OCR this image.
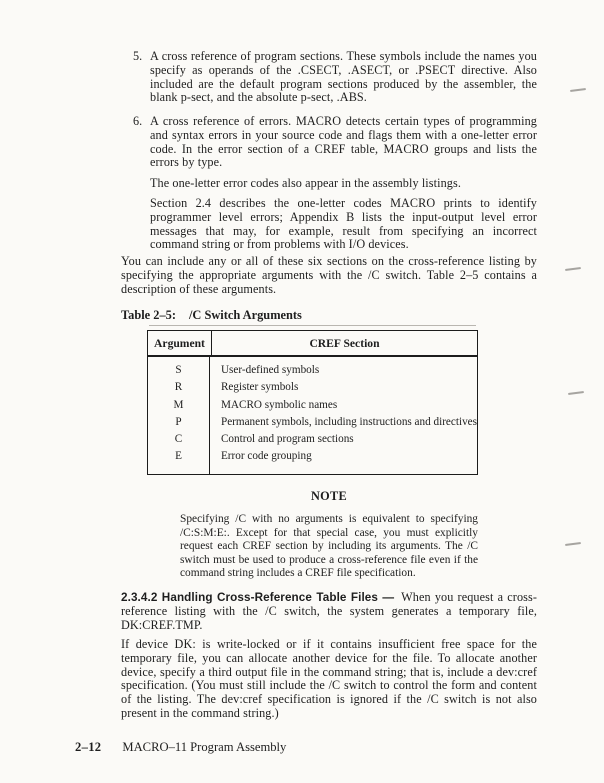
5. A cross reference of program sections. These symbols include the names you specify as operands of the .CSECT, .ASECT, or .PSECT directive. Also included are the default program sections produced by the assembler, the blank p-sect, and the absolute p-sect, .ABS.
6. A cross reference of errors. MACRO detects certain types of programming and syntax errors in your source code and flags them with a one-letter error code. In the error section of a CREF table, MACRO groups and lists the errors by type.
The one-letter error codes also appear in the assembly listings.
Section 2.4 describes the one-letter codes MACRO prints to identify programmer level errors; Appendix B lists the input-output level error messages that may, for example, result from specifying an incorrect command string or from problems with I/O devices.
You can include any or all of these six sections on the cross-reference listing by specifying the appropriate arguments with the /C switch. Table 2–5 contains a description of these arguments.
Table 2–5: /C Switch Arguments
Argument	CREF Section
S
R
M
P
C
E
User-defined symbols
Register symbols
MACRO symbolic names
Permanent symbols, including instructions and directives
Control and program sections
Error code grouping
NOTE
Specifying /C with no arguments is equivalent to specifying /C:S:M:E:. Except for that special case, you must explicitly request each CREF section by including its arguments. The /C switch must be used to produce a cross-reference file even if the command string includes a CREF file specification.
2.3.4.2 Handling Cross-Reference Table Files — When you request a cross-reference listing with the /C switch, the system generates a temporary file, DK:CREF.TMP.
If device DK: is write-locked or if it contains insufficient free space for the temporary file, you can allocate another device for the file. To allocate another device, specify a third output file in the command string; that is, include a dev:cref specification. (You must still include the /C switch to control the form and content of the listing. The dev:cref specification is ignored if the /C switch is not also present in the command string.)
2–12 MACRO–11 Program Assembly
